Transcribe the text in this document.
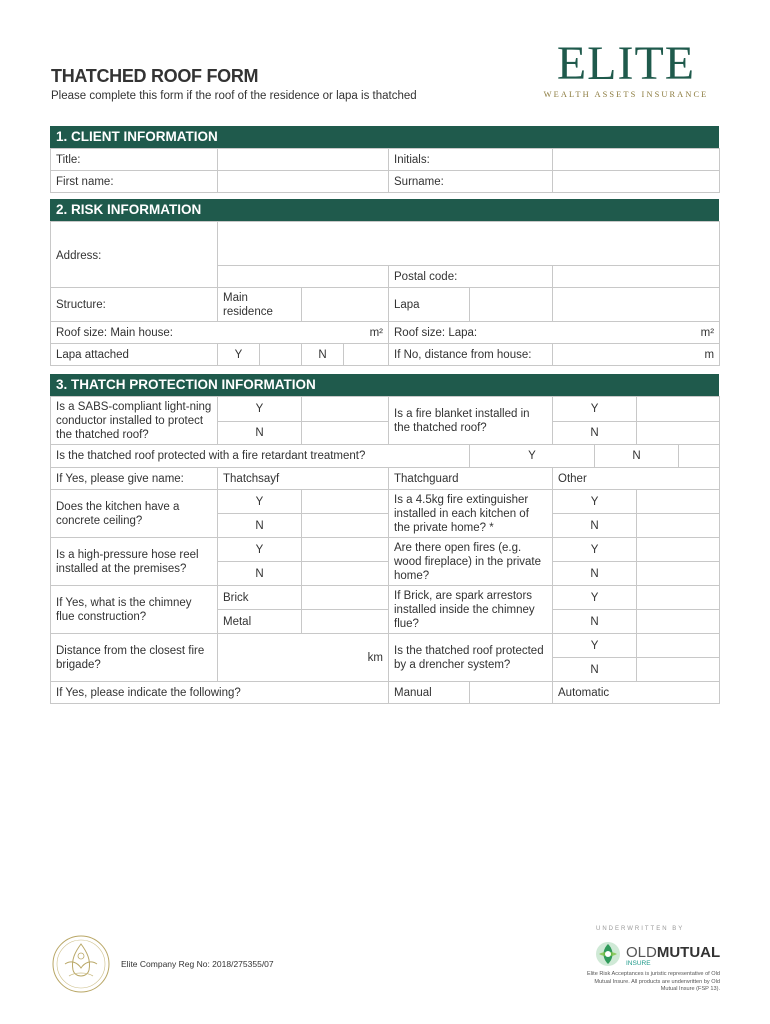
THATCHED ROOF FORM
Please complete this form if the roof of the residence or lapa is thatched
ELITE
WEALTH ASSETS INSURANCE
1. CLIENT INFORMATION
Title:		Initials:	
First name:		Surname:	
2. RISK INFORMATION
Address:							
					Postal code:		
Structure:	Main residence				Lapa		
Roof size: Main house: m²					Roof size: Lapa: m²		

Lapa attached	Y		N		If No, distance from house:		m
3. THATCH PROTECTION INFORMATION
Is a SABS-compliant light-ning conductor installed to protect the thatched roof?	Y		Is a fire blanket installed in the thatched roof?		Y			
	N				N			
Is the thatched roof protected with a fire retardant treatment?				Y		N		
If Yes, please give name:	Thatchsayf		Thatchguard		Other			
Does the kitchen have a concrete ceiling?	Y		Is a 4.5kg fire extinguisher installed in each kitchen of the private home? *		Y			
	N				N			
Is a high-pressure hose reel installed at the premises?	Y		Are there open fires (e.g. wood fireplace) in the private home?		Y			
	N				N			
If Yes, what is the chimney flue construction?	Brick		If Brick, are spark arrestors installed inside the chimney flue?		Y			
	Metal				N			
Distance from the closest fire brigade?	km		Is the thatched roof protected by a drencher system?		Y			
					N			
If Yes, please indicate the following?			Manual		Automatic			
Elite Company Reg No: 2018/275355/07
UNDERWRITTEN BY
OLDMUTUAL
INSURE
Elite Risk Acceptances is juristic representative of Old Mutual Insure. All products are underwritten by Old Mutual Insure (FSP 13).
